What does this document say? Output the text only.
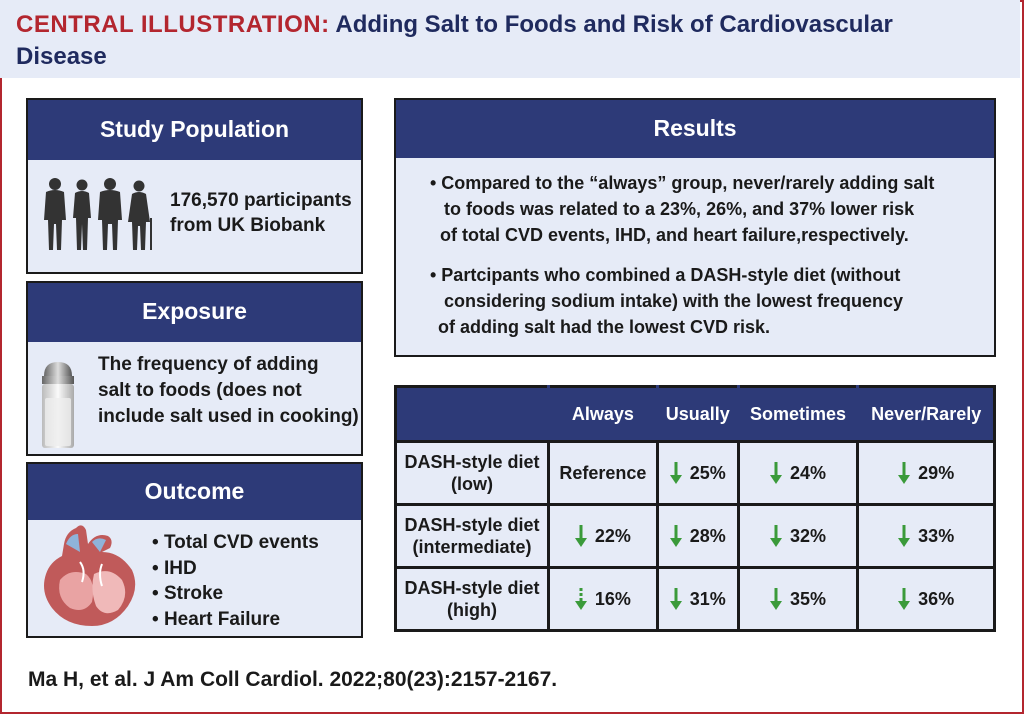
CENTRAL ILLUSTRATION: Adding Salt to Foods and Risk of Cardiovascular
Disease
Study Population
176,570 participants
from UK Biobank
Exposure
The frequency of adding
salt to foods (does not
include salt used in cooking)
Outcome
• Total CVD events
• IHD
• Stroke
• Heart Failure
Results
• Compared to the “always” group, never/rarely adding salt
to foods was related to a 23%, 26%, and 37% lower risk
of total CVD events, IHD, and heart failure,respectively.
• Partcipants who combined a DASH-style diet (without
considering sodium intake) with the lowest frequency
of adding salt had the lowest CVD risk.
	Always	Usually	Sometimes	Never/Rarely

DASH-style diet
(low)	Reference	25%	24%	29%

DASH-style diet
(intermediate)	22%	28%	32%	33%

DASH-style diet
(high)	16%	31%	35%	36%
Ma H, et al. J Am Coll Cardiol. 2022;80(23):2157-2167.
